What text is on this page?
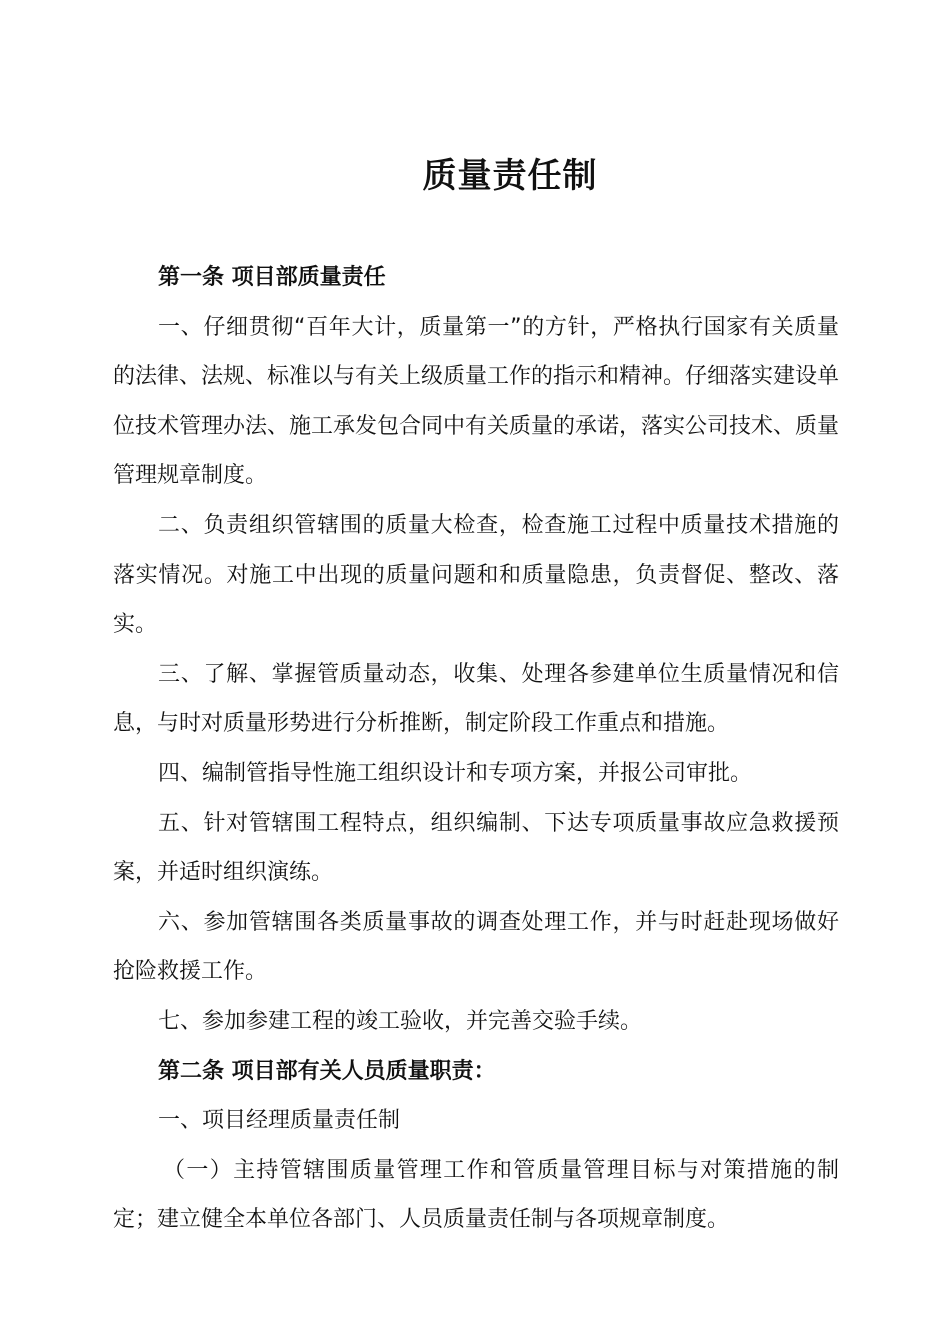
质量责任制

第一条 项目部质量责任

一、仔细贯彻“百年大计，质量第一”的方针，严格执行国家有关质量的法律、法规、标准以与有关上级质量工作的指示和精神。仔细落实建设单位技术管理办法、施工承发包合同中有关质量的承诺，落实公司技术、质量管理规章制度。

二、负责组织管辖围的质量大检查，检查施工过程中质量技术措施的落实情况。对施工中出现的质量问题和和质量隐患，负责督促、整改、落实。

三、了解、掌握管质量动态，收集、处理各参建单位生质量情况和信息，与时对质量形势进行分析推断，制定阶段工作重点和措施。

四、编制管指导性施工组织设计和专项方案，并报公司审批。

五、针对管辖围工程特点，组织编制、下达专项质量事故应急救援预案，并适时组织演练。

六、参加管辖围各类质量事故的调查处理工作，并与时赶赴现场做好抢险救援工作。

七、参加参建工程的竣工验收，并完善交验手续。

第二条 项目部有关人员质量职责：

一、项目经理质量责任制

（一）主持管辖围质量管理工作和管质量管理目标与对策措施的制定；建立健全本单位各部门、人员质量责任制与各项规章制度。
